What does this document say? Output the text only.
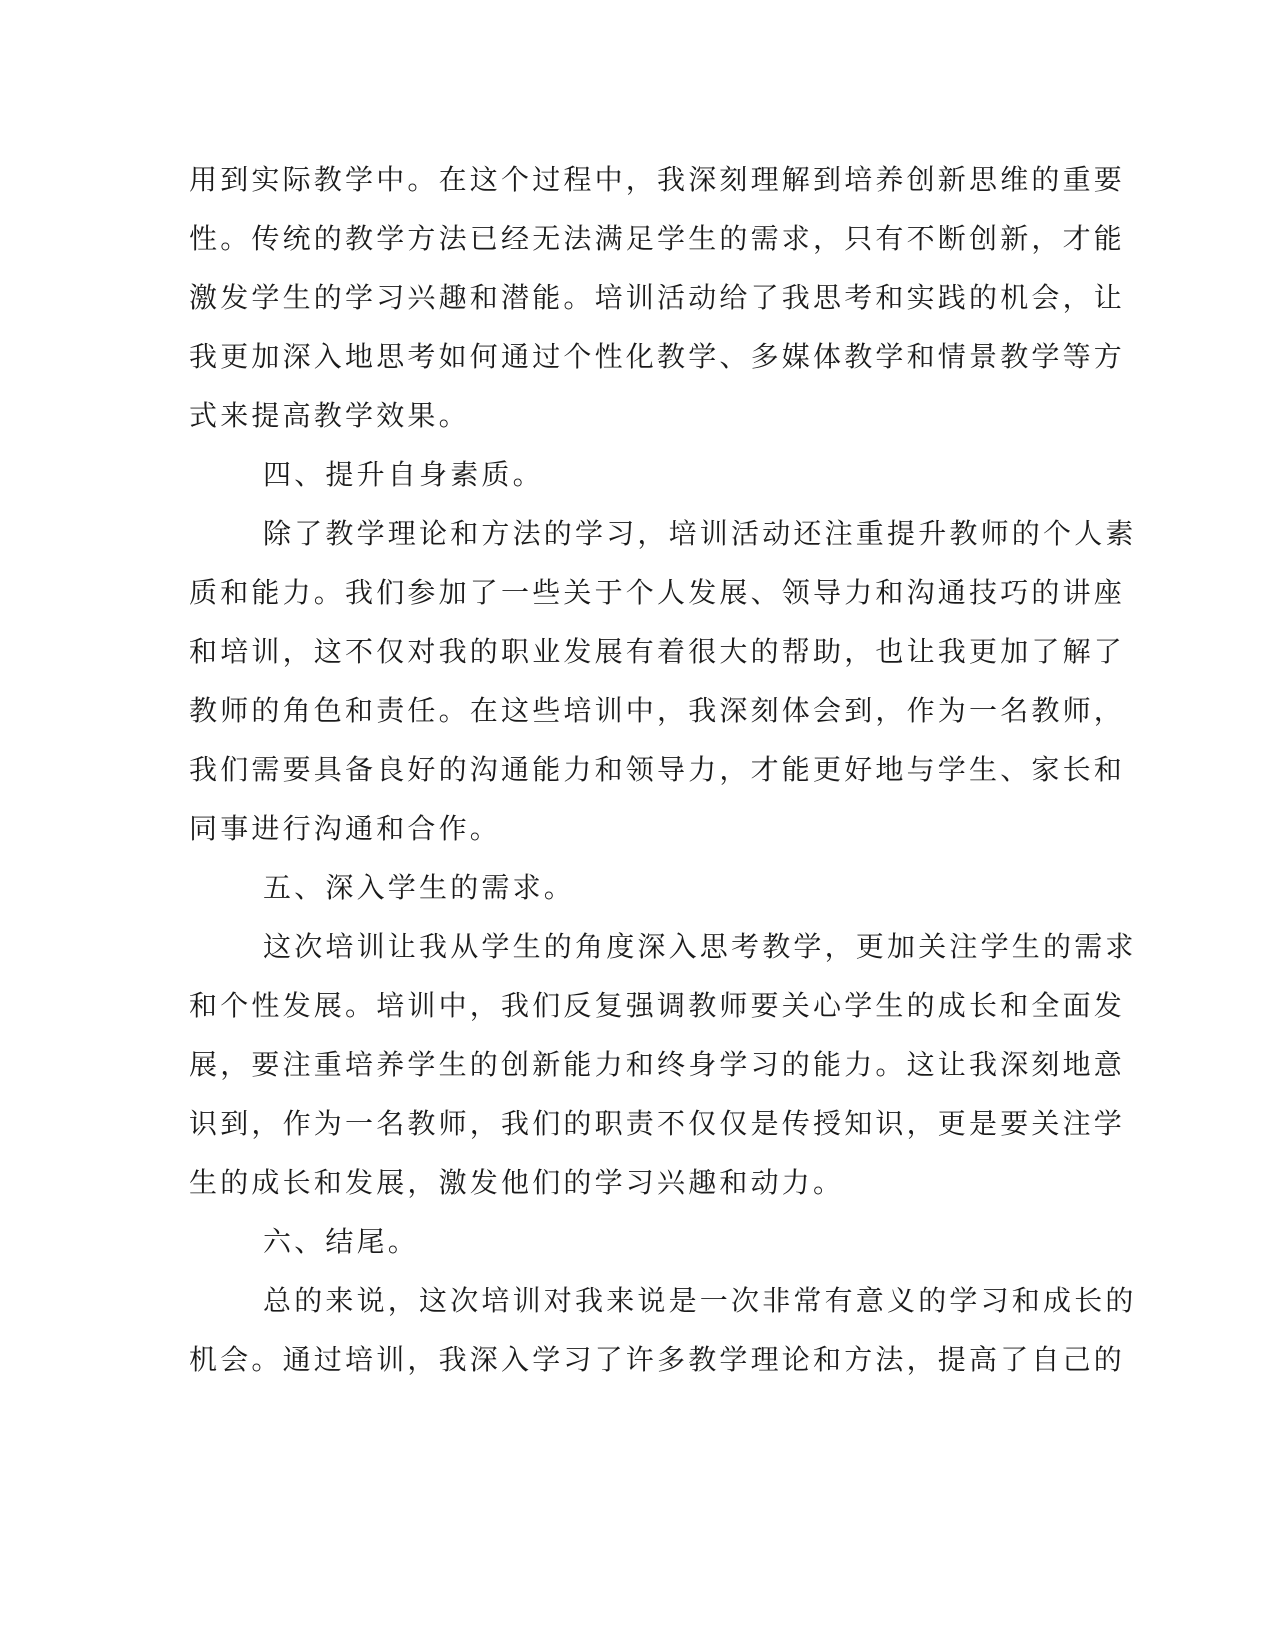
用到实际教学中。在这个过程中，我深刻理解到培养创新思维的重要
性。传统的教学方法已经无法满足学生的需求，只有不断创新，才能
激发学生的学习兴趣和潜能。培训活动给了我思考和实践的机会，让
我更加深入地思考如何通过个性化教学、多媒体教学和情景教学等方
式来提高教学效果。
四、提升自身素质。
除了教学理论和方法的学习，培训活动还注重提升教师的个人素
质和能力。我们参加了一些关于个人发展、领导力和沟通技巧的讲座
和培训，这不仅对我的职业发展有着很大的帮助，也让我更加了解了
教师的角色和责任。在这些培训中，我深刻体会到，作为一名教师，
我们需要具备良好的沟通能力和领导力，才能更好地与学生、家长和
同事进行沟通和合作。
五、深入学生的需求。
这次培训让我从学生的角度深入思考教学，更加关注学生的需求
和个性发展。培训中，我们反复强调教师要关心学生的成长和全面发
展，要注重培养学生的创新能力和终身学习的能力。这让我深刻地意
识到，作为一名教师，我们的职责不仅仅是传授知识，更是要关注学
生的成长和发展，激发他们的学习兴趣和动力。
六、结尾。
总的来说，这次培训对我来说是一次非常有意义的学习和成长的
机会。通过培训，我深入学习了许多教学理论和方法，提高了自己的
